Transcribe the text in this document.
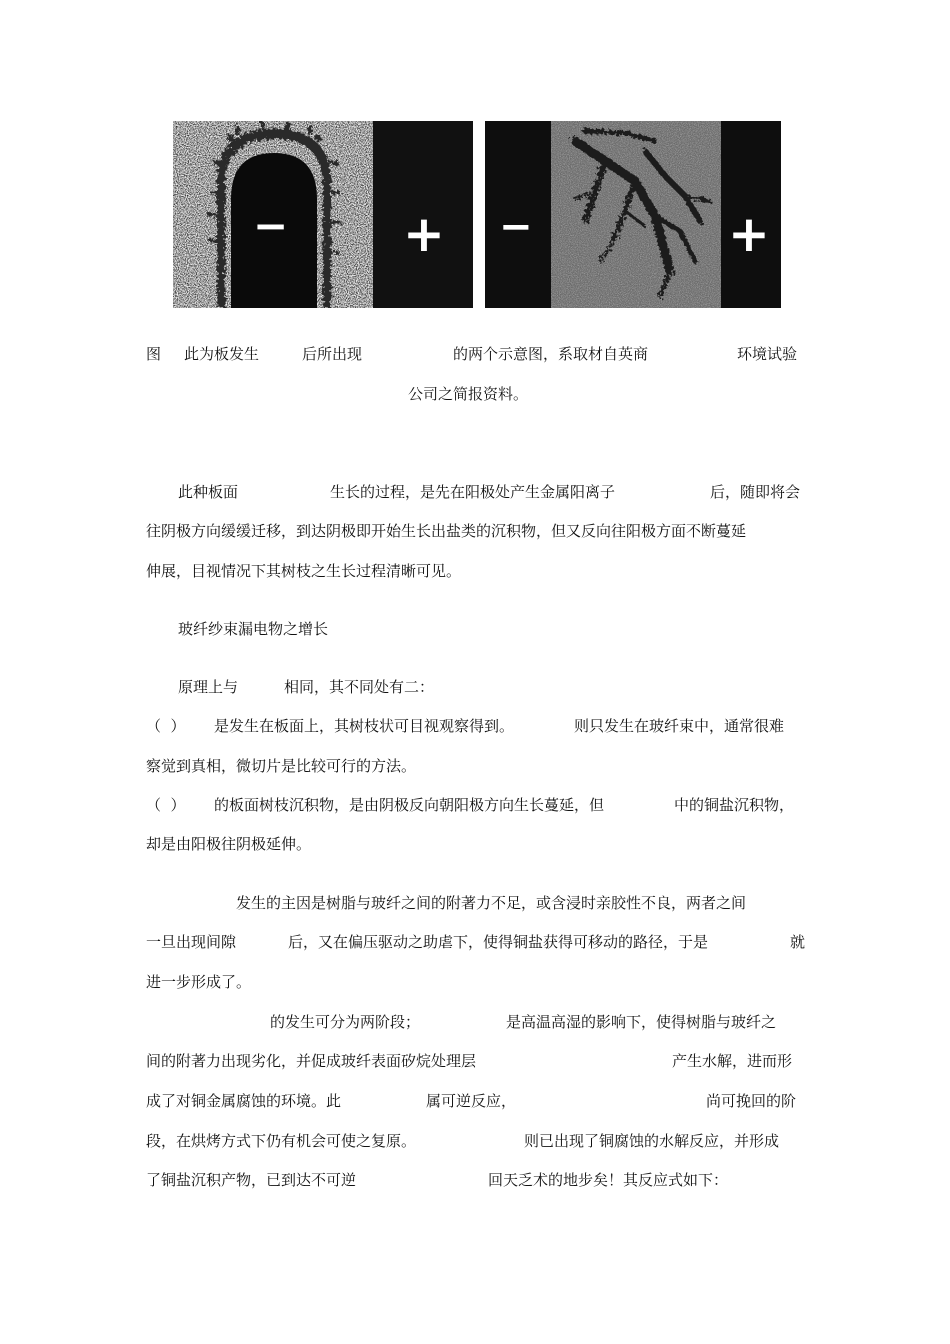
− + −	+
图 此为板发生	后所出现	的两个示意图，系取材自英商	环境试验
公司之简报资料。
此种板面	生长的过程，是先在阳极处产生金属阳离子	后，随即将会
往阴极方向缓缓迁移，到达阴极即开始生长出盐类的沉积物，但又反向往阳极方面不断蔓延
伸展，目视情况下其树枝之生长过程清晰可见。
玻纤纱束漏电物之增长
原理上与	相同，其不同处有二：
（  ） 是发生在板面上，其树枝状可目视观察得到。	则只发生在玻纤束中，通常很难
察觉到真相，微切片是比较可行的方法。
（  ） 的板面树枝沉积物，是由阴极反向朝阳极方向生长蔓延，但	中的铜盐沉积物，
却是由阳极往阴极延伸。
发生的主因是树脂与玻纤之间的附著力不足，或含浸时亲胶性不良，两者之间
一旦出现间隙	后，又在偏压驱动之助虐下，使得铜盐获得可移动的路径，于是	就
进一步形成了。
的发生可分为两阶段；	是高温高湿的影响下，使得树脂与玻纤之
间的附著力出现劣化，并促成玻纤表面矽烷处理层	产生水解，进而形
成了对铜金属腐蚀的环境。此	属可逆反应，	尚可挽回的阶
段，在烘烤方式下仍有机会可使之复原。	则已出现了铜腐蚀的水解反应，并形成
了铜盐沉积产物，已到达不可逆	回天乏术的地步矣！其反应式如下：
